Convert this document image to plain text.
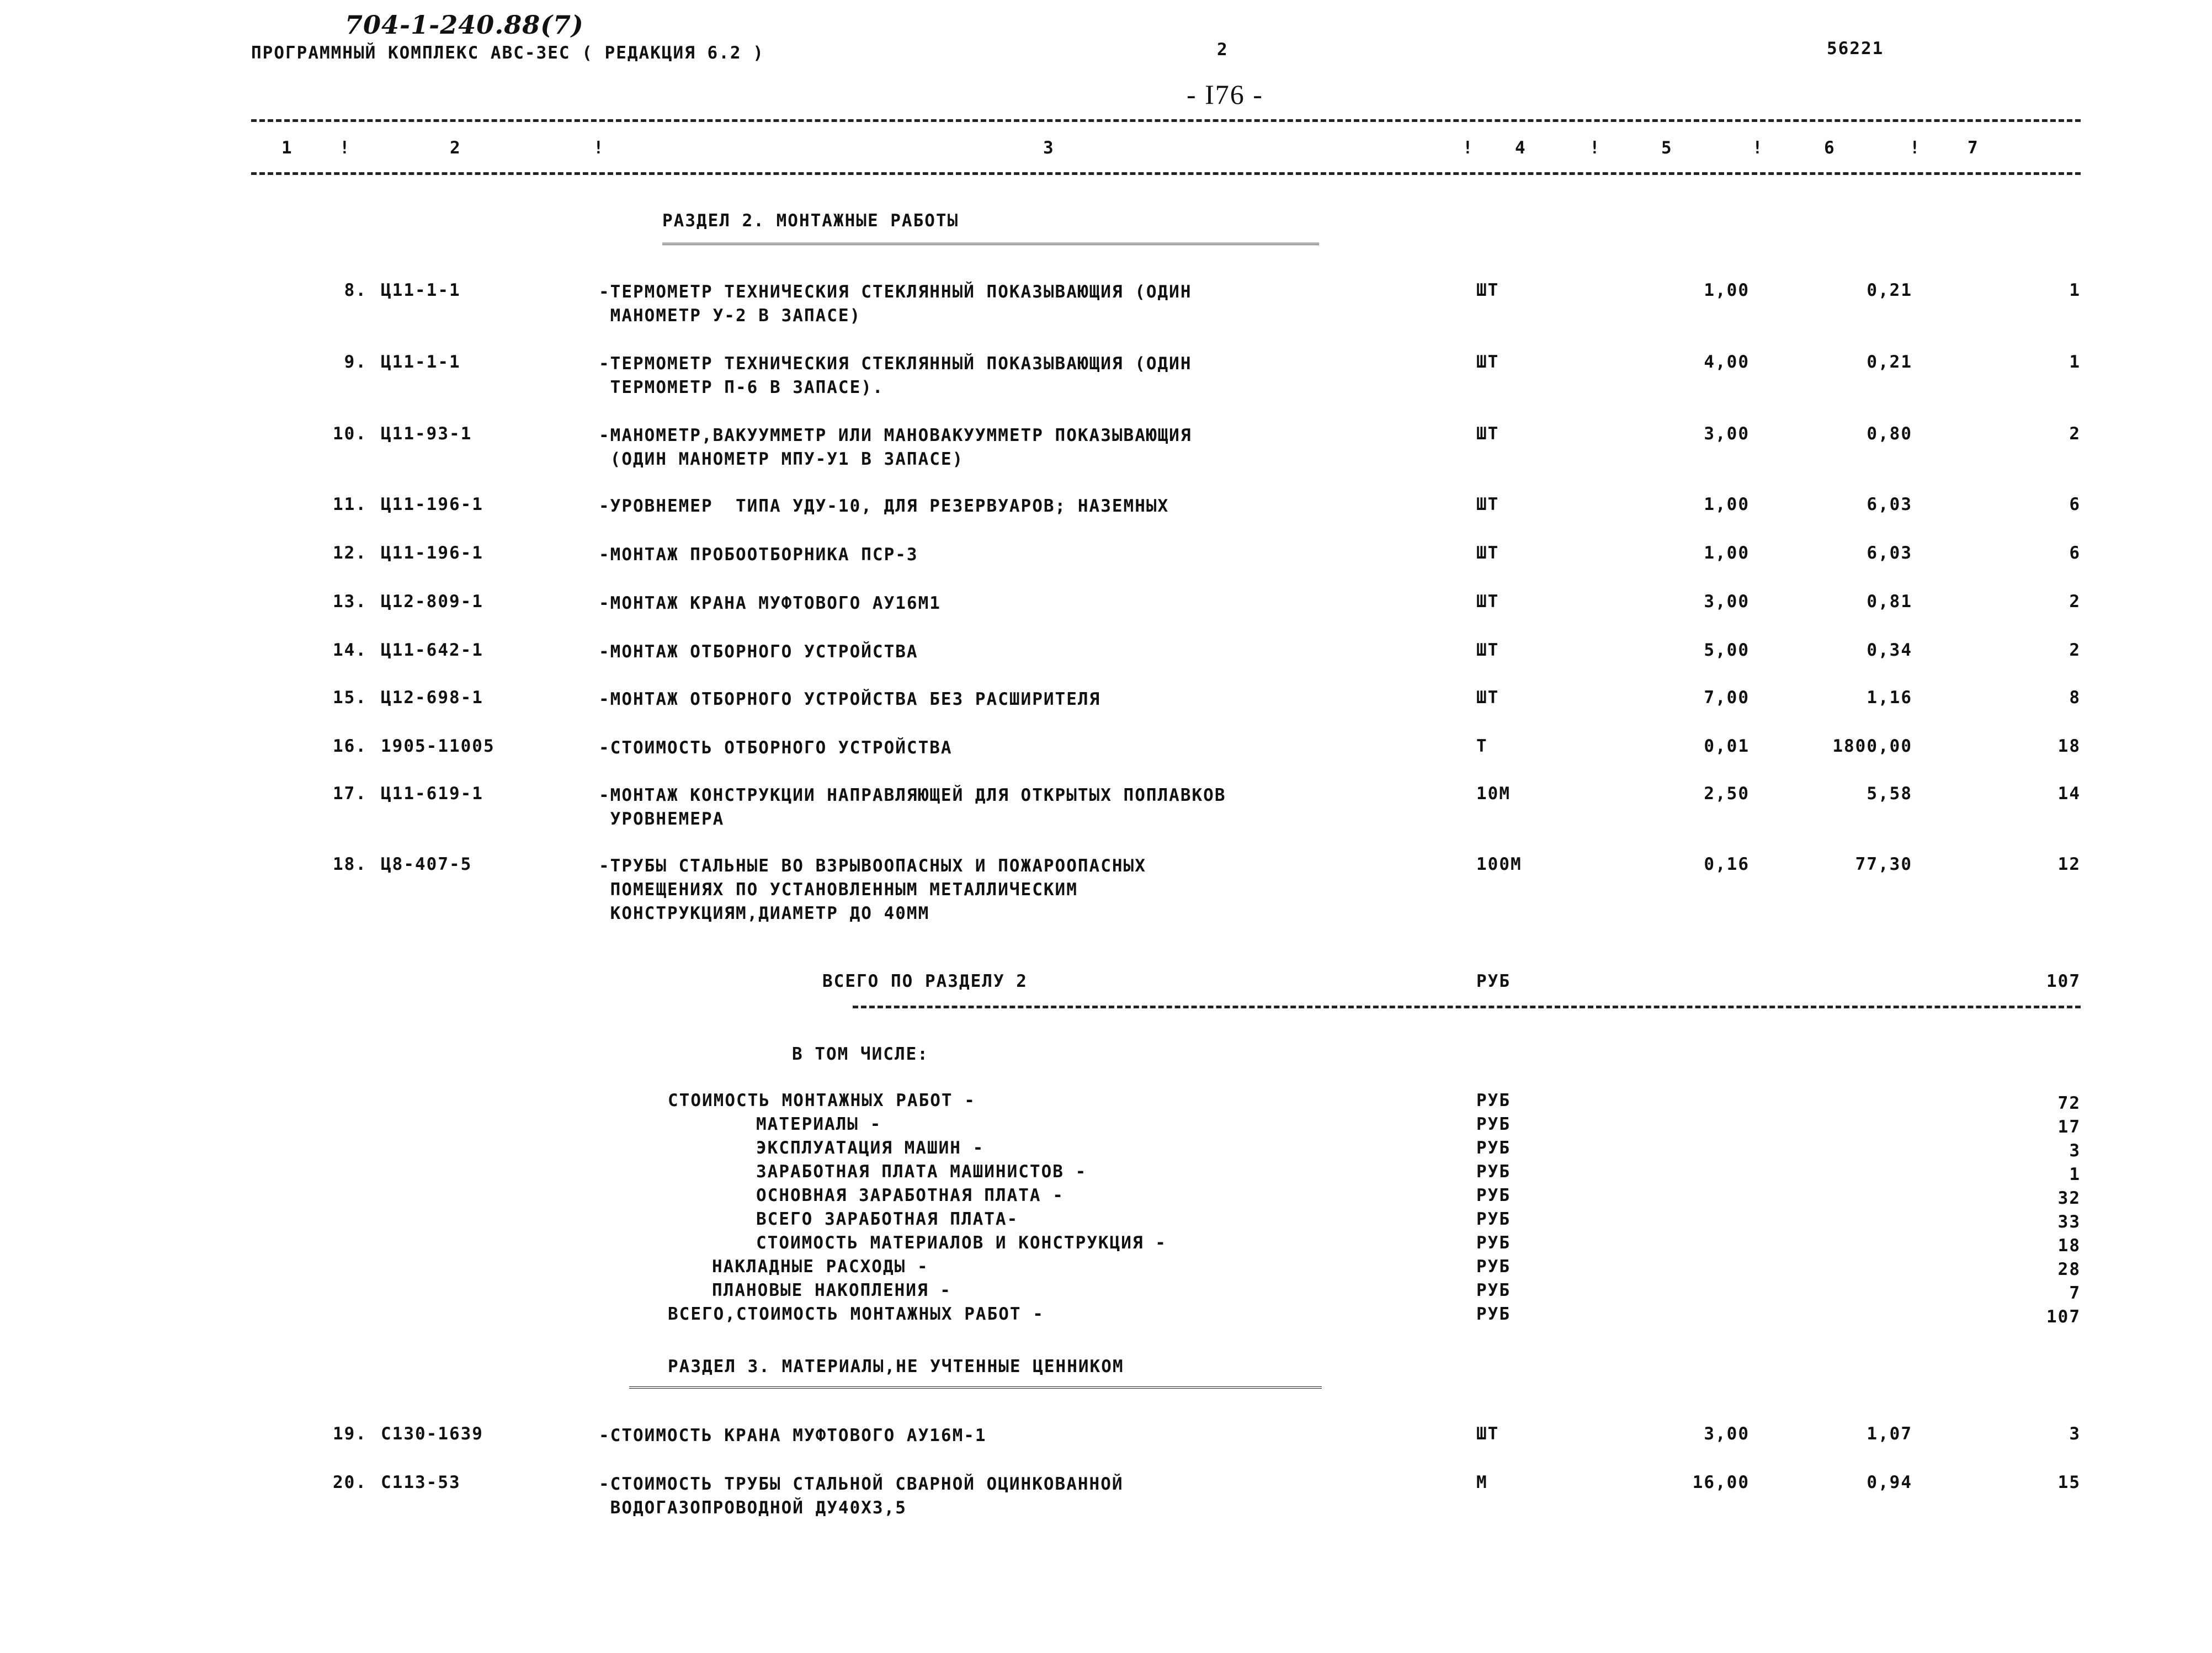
704-1-240.88(7)
ПРОГРАММНЫЙ КОМПЛЕКС АВС-3ЕС ( РЕДАКЦИЯ 6.2 )	2	56221
- I76 -
1	!	2	!	3	! 4	!	5	!	6	!	7
РАЗДЕЛ 2. МОНТАЖНЫЕ РАБОТЫ
8. Ц11-1-1	-ТЕРМОМЕТР ТЕХНИЧЕСКИЯ СТЕКЛЯННЫЙ ПОКАЗЫВАЮЩИЯ (ОДИН
МАНОМЕТР У-2 В ЗАПАСЕ)
ШТ	1,00	0,21	1
9. Ц11-1-1	-ТЕРМОМЕТР ТЕХНИЧЕСКИЯ СТЕКЛЯННЫЙ ПОКАЗЫВАЮЩИЯ (ОДИН
ТЕРМОМЕТР П-6 В ЗАПАСЕ).
ШТ	4,00	0,21	1
10. Ц11-93-1	-МАНОМЕТР,ВАКУУММЕТР ИЛИ МАНОВАКУУММЕТР ПОКАЗЫВАЮЩИЯ
(ОДИН МАНОМЕТР МПУ-У1 В ЗАПАСЕ)
ШТ	3,00	0,80	2
11. Ц11-196-1	-УРОВНЕМЕР  ТИПА УДУ-10, ДЛЯ РЕЗЕРВУАРОВ; НАЗЕМНЫХ	ШТ	1,00	6,03	6
12. Ц11-196-1	-МОНТАЖ ПРОБООТБОРНИКА ПСР-3	ШТ	1,00	6,03	6
13. Ц12-809-1	-МОНТАЖ КРАНА МУФТОВОГО АУ16М1	ШТ	3,00	0,81	2
14. Ц11-642-1	-МОНТАЖ ОТБОРНОГО УСТРОЙСТВА	ШТ	5,00	0,34	2
15. Ц12-698-1	-МОНТАЖ ОТБОРНОГО УСТРОЙСТВА БЕЗ РАСШИРИТЕЛЯ	ШТ	7,00	1,16	8
16. 1905-11005	-СТОИМОСТЬ ОТБОРНОГО УСТРОЙСТВА	Т	0,01	1800,00	18
17. Ц11-619-1	-МОНТАЖ КОНСТРУКЦИИ НАПРАВЛЯЮЩЕЙ ДЛЯ ОТКРЫТЫХ ПОПЛАВКОВ
УРОВНЕМЕРА
10М	2,50	5,58	14
18. Ц8-407-5	-ТРУБЫ СТАЛЬНЫЕ ВО ВЗРЫВООПАСНЫХ И ПОЖАРООПАСНЫХ
ПОМЕЩЕНИЯХ ПО УСТАНОВЛЕННЫМ МЕТАЛЛИЧЕСКИМ
КОНСТРУКЦИЯМ,ДИАМЕТР ДО 40ММ
100М	0,16	77,30	12
ВСЕГО ПО РАЗДЕЛУ 2	РУБ	107
В ТОМ ЧИСЛЕ:
СТОИМОСТЬ МОНТАЖНЫХ РАБОТ -	РУБ	72
МАТЕРИАЛЫ -	РУБ	17
ЭКСПЛУАТАЦИЯ МАШИН -	РУБ	3
ЗАРАБОТНАЯ ПЛАТА МАШИНИСТОВ -	РУБ	1
ОСНОВНАЯ ЗАРАБОТНАЯ ПЛАТА -	РУБ	32
ВСЕГО ЗАРАБОТНАЯ ПЛАТА-	РУБ	33
СТОИМОСТЬ МАТЕРИАЛОВ И КОНСТРУКЦИЯ -	РУБ	18
НАКЛАДНЫЕ РАСХОДЫ -	РУБ	28
ПЛАНОВЫЕ НАКОПЛЕНИЯ -	РУБ	7
ВСЕГО,СТОИМОСТЬ МОНТАЖНЫХ РАБОТ -	РУБ	107
РАЗДЕЛ 3. МАТЕРИАЛЫ,НЕ УЧТЕННЫЕ ЦЕННИКОМ
19. С130-1639	-СТОИМОСТЬ КРАНА МУФТОВОГО АУ16М-1	ШТ	3,00	1,07	3
20. С113-53	-СТОИМОСТЬ ТРУБЫ СТАЛЬНОЙ СВАРНОЙ ОЦИНКОВАННОЙ
ВОДОГАЗОПРОВОДНОЙ ДУ40Х3,5
М	16,00	0,94	15
